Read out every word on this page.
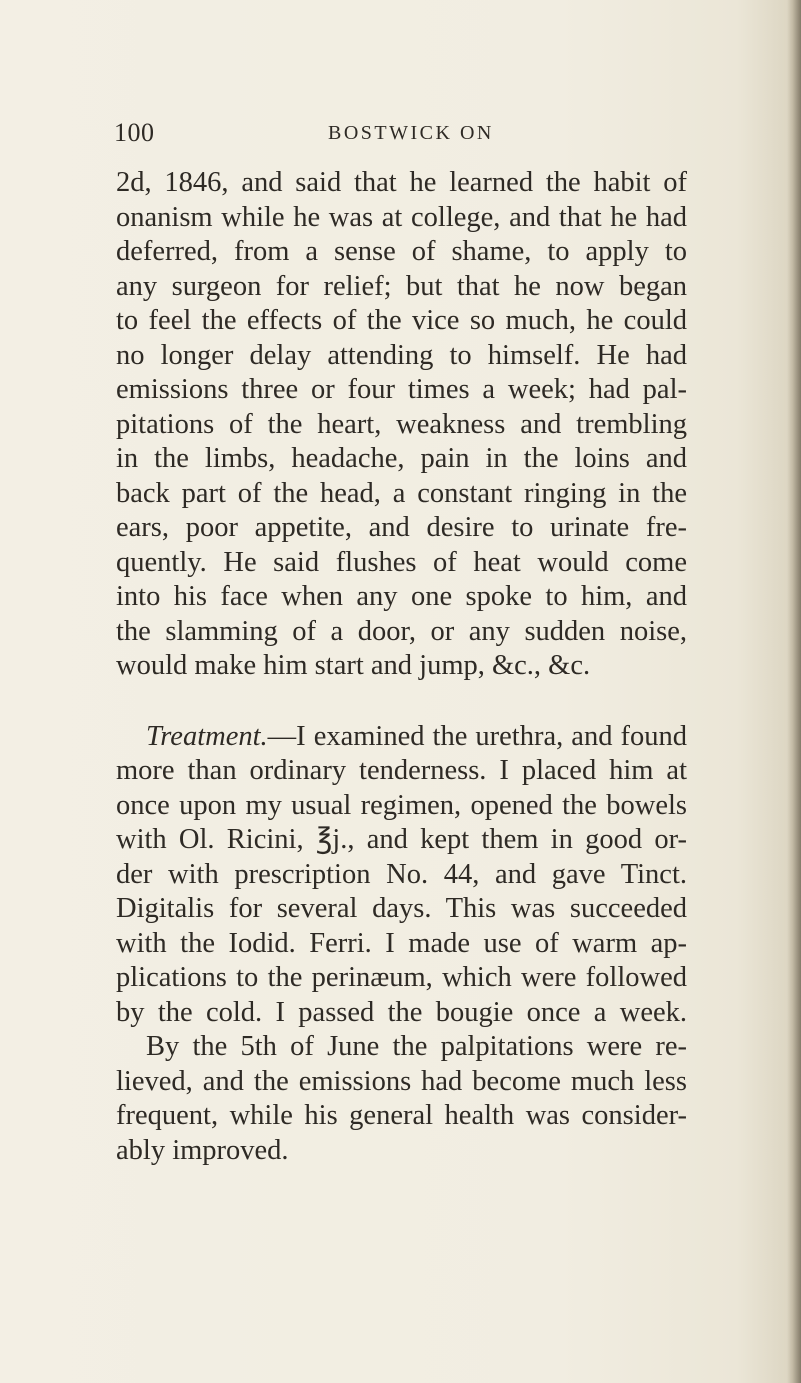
100	BOSTWICK ON
2d, 1846, and said that he learned the habit of
onanism while he was at college, and that he had
deferred, from a sense of shame, to apply to
any surgeon for relief; but that he now began
to feel the effects of the vice so much, he could
no longer delay attending to himself. He had
emissions three or four times a week; had pal-
pitations of the heart, weakness and trembling
in the limbs, headache, pain in the loins and
back part of the head, a constant ringing in the
ears, poor appetite, and desire to urinate fre-
quently. He said flushes of heat would come
into his face when any one spoke to him, and
the slamming of a door, or any sudden noise,
would make him start and jump, &c., &c.
Treatment.—I examined the urethra, and found
more than ordinary tenderness. I placed him at
once upon my usual regimen, opened the bowels
with Ol. Ricini, ℥j., and kept them in good or-
der with prescription No. 44, and gave Tinct.
Digitalis for several days. This was succeeded
with the Iodid. Ferri. I made use of warm ap-
plications to the perinæum, which were followed
by the cold. I passed the bougie once a week.
By the 5th of June the palpitations were re-
lieved, and the emissions had become much less
frequent, while his general health was consider-
ably improved.
